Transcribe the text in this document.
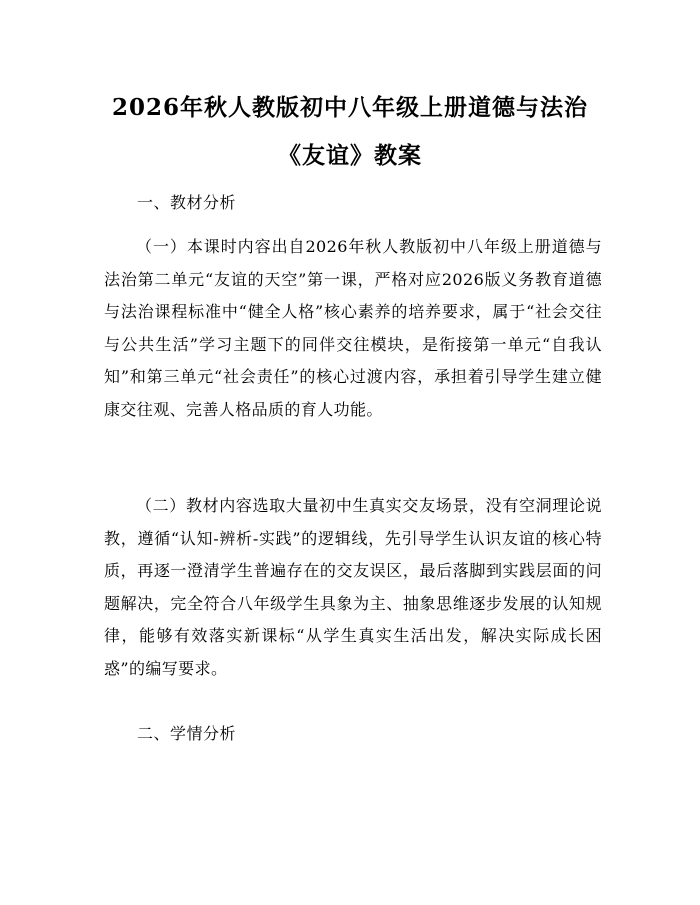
2026年秋人教版初中八年级上册道德与法治
《友谊》教案
一、教材分析

（一）本课时内容出自2026年秋人教版初中八年级上册道德与法治第二单元“友谊的天空”第一课，严格对应2026版义务教育道德与法治课程标准中“健全人格”核心素养的培养要求，属于“社会交往与公共生活”学习主题下的同伴交往模块，是衔接第一单元“自我认知”和第三单元“社会责任”的核心过渡内容，承担着引导学生建立健康交往观、完善人格品质的育人功能。

（二）教材内容选取大量初中生真实交友场景，没有空洞理论说教，遵循“认知-辨析-实践”的逻辑线，先引导学生认识友谊的核心特质，再逐一澄清学生普遍存在的交友误区，最后落脚到实践层面的问题解决，完全符合八年级学生具象为主、抽象思维逐步发展的认知规律，能够有效落实新课标“从学生真实生活出发，解决实际成长困惑”的编写要求。

二、学情分析
